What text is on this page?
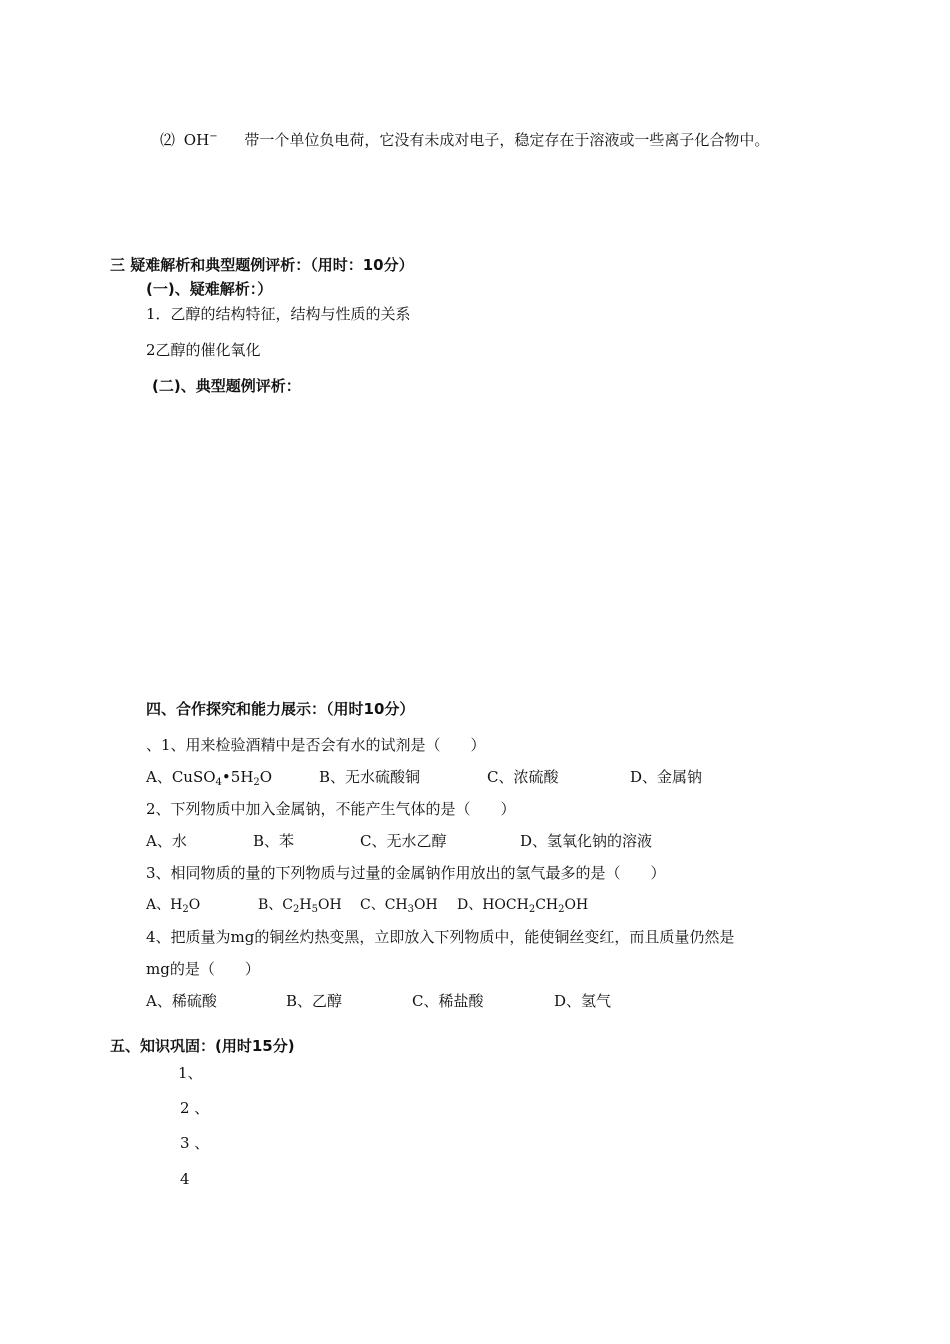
⑵ OH− 带一个单位负电荷，它没有未成对电子，稳定存在于溶液或一些离子化合物中。
三 疑难解析和典型题例评析：（用时：10分）
(一)、疑难解析：）
1．乙醇的结构特征，结构与性质的关系
2乙醇的催化氧化
(二)、典型题例评析：
四、合作探究和能力展示：（用时10分）
、1、用来检验酒精中是否会有水的试剂是（　　）
A、$CuSO_4•5H_2O$	B、无水硫酸铜	C、浓硫酸	D、金属钠
2、下列物质中加入金属钠，不能产生气体的是（　　）
A、水	B、苯	C、无水乙醇	D、氢氧化钠的溶液
3、相同物质的量的下列物质与过量的金属钠作用放出的氢气最多的是（　　）
A、$H_2O$	B、$C_2H_5OH$ C、$CH_3OH$ D、$HOCH_2CH_2OH$
4、把质量为mg的铜丝灼热变黑，立即放入下列物质中，能使铜丝变红，而且质量仍然是
mg的是（　　）
A、稀硫酸	B、乙醇	C、稀盐酸	D、氢气
五、知识巩固：(用时15分)
1、
2 、
3 、
4
